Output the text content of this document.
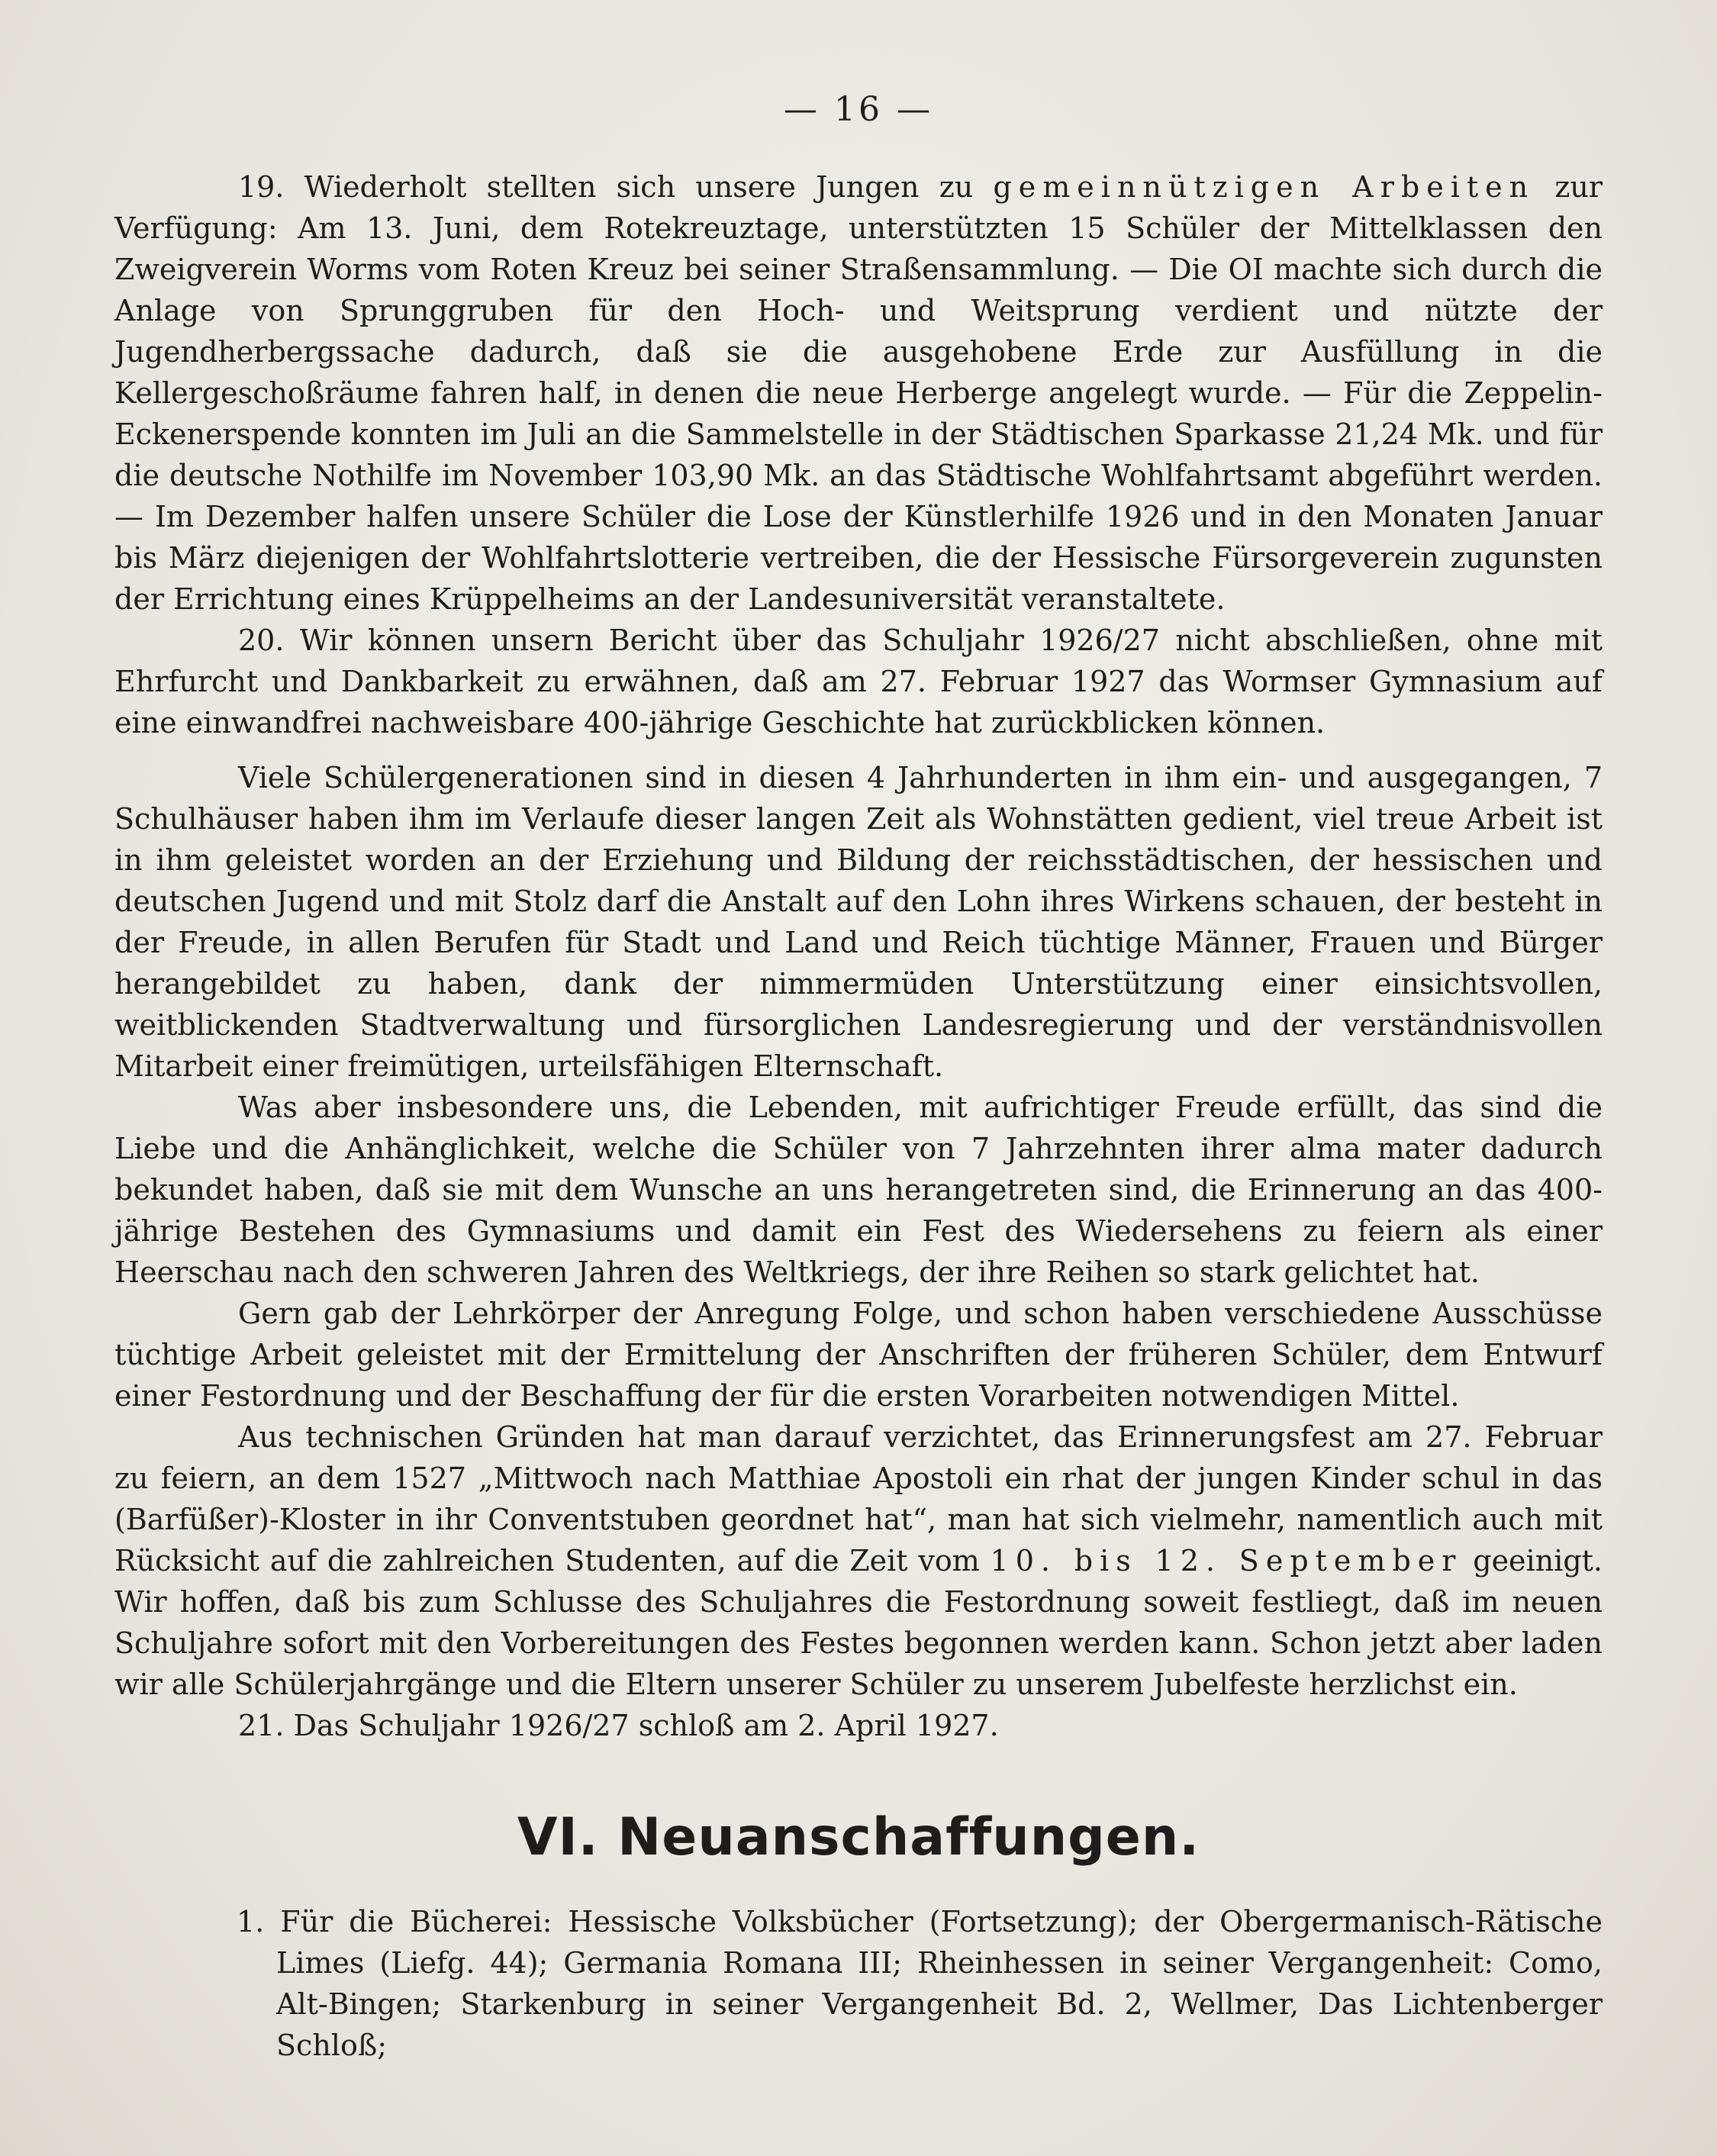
— 16 —

19. Wiederholt stellten sich unsere Jungen zu gemeinnützigen Arbeiten zur Verfügung: Am 13. Juni, dem Rotekreuztage, unterstützten 15 Schüler der Mittelklassen den Zweigverein Worms vom Roten Kreuz bei seiner Straßensammlung. — Die OI machte sich durch die Anlage von Sprunggruben für den Hoch- und Weitsprung verdient und nützte der Jugendherbergssache dadurch, daß sie die ausgehobene Erde zur Ausfüllung in die Kellergeschoßräume fahren half, in denen die neue Herberge angelegt wurde. — Für die Zeppelin-Eckenerspende konnten im Juli an die Sammelstelle in der Städtischen Sparkasse 21,24 Mk. und für die deutsche Nothilfe im November 103,90 Mk. an das Städtische Wohlfahrtsamt abgeführt werden. — Im Dezember halfen unsere Schüler die Lose der Künstlerhilfe 1926 und in den Monaten Januar bis März diejenigen der Wohlfahrtslotterie vertreiben, die der Hessische Fürsorgeverein zugunsten der Errichtung eines Krüppelheims an der Landesuniversität veranstaltete.

20. Wir können unsern Bericht über das Schuljahr 1926/27 nicht abschließen, ohne mit Ehrfurcht und Dankbarkeit zu erwähnen, daß am 27. Februar 1927 das Wormser Gymnasium auf eine einwandfrei nachweisbare 400-jährige Geschichte hat zurückblicken können.

Viele Schülergenerationen sind in diesen 4 Jahrhunderten in ihm ein- und ausgegangen, 7 Schulhäuser haben ihm im Verlaufe dieser langen Zeit als Wohnstätten gedient, viel treue Arbeit ist in ihm geleistet worden an der Erziehung und Bildung der reichsstädtischen, der hessischen und deutschen Jugend und mit Stolz darf die Anstalt auf den Lohn ihres Wirkens schauen, der besteht in der Freude, in allen Berufen für Stadt und Land und Reich tüchtige Männer, Frauen und Bürger herangebildet zu haben, dank der nimmermüden Unterstützung einer einsichtsvollen, weitblickenden Stadtverwaltung und fürsorglichen Landesregierung und der verständnisvollen Mitarbeit einer freimütigen, urteilsfähigen Elternschaft.

Was aber insbesondere uns, die Lebenden, mit aufrichtiger Freude erfüllt, das sind die Liebe und die Anhänglichkeit, welche die Schüler von 7 Jahrzehnten ihrer alma mater dadurch bekundet haben, daß sie mit dem Wunsche an uns herangetreten sind, die Erinnerung an das 400-jährige Bestehen des Gymnasiums und damit ein Fest des Wiedersehens zu feiern als einer Heerschau nach den schweren Jahren des Weltkriegs, der ihre Reihen so stark gelichtet hat.

Gern gab der Lehrkörper der Anregung Folge, und schon haben verschiedene Ausschüsse tüchtige Arbeit geleistet mit der Ermittelung der Anschriften der früheren Schüler, dem Entwurf einer Festordnung und der Beschaffung der für die ersten Vorarbeiten notwendigen Mittel.

Aus technischen Gründen hat man darauf verzichtet, das Erinnerungsfest am 27. Februar zu feiern, an dem 1527 „Mittwoch nach Matthiae Apostoli ein rhat der jungen Kinder schul in das (Barfüßer)-Kloster in ihr Conventstuben geordnet hat“, man hat sich vielmehr, namentlich auch mit Rücksicht auf die zahlreichen Studenten, auf die Zeit vom 10. bis 12. September geeinigt. Wir hoffen, daß bis zum Schlusse des Schuljahres die Festordnung soweit festliegt, daß im neuen Schuljahre sofort mit den Vorbereitungen des Festes begonnen werden kann. Schon jetzt aber laden wir alle Schülerjahrgänge und die Eltern unserer Schüler zu unserem Jubelfeste herzlichst ein.

21. Das Schuljahr 1926/27 schloß am 2. April 1927.

VI. Neuanschaffungen.

1. Für die Bücherei: Hessische Volksbücher (Fortsetzung); der Obergermanisch-Rätische Limes (Liefg. 44); Germania Romana III; Rheinhessen in seiner Vergangenheit: Como, Alt-Bingen; Starkenburg in seiner Vergangenheit Bd. 2, Wellmer, Das Lichtenberger Schloß;
